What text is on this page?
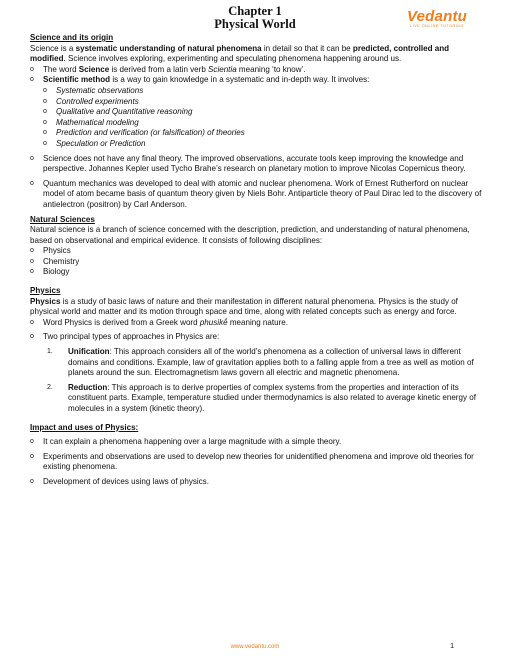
Vedantu
LIVE ONLINE TUTORING
Chapter 1
Physical World

Science and its origin

Science is a systematic understanding of natural phenomena in detail so that it can be predicted, controlled and modified. Science involves exploring, experimenting and speculating phenomena happening around us.

o The word Science is derived from a latin verb Scientia meaning ‘to know’.
o Scientific method is a way to gain knowledge in a systematic and in-depth way. It involves:
o Systematic observations
o Controlled experiments
o Qualitative and Quantitative reasoning
o Mathematical modeling
o Prediction and verification (or falsification) of theories
o Speculation or Prediction
o Science does not have any final theory. The improved observations, accurate tools keep improving the knowledge and perspective. Johannes Kepler used Tycho Brahe’s research on planetary motion to improve Nicolas Copernicus theory.
o Quantum mechanics was developed to deal with atomic and nuclear phenomena. Work of Ernest Rutherford on nuclear model of atom became basis of quantum theory given by Niels Bohr. Antiparticle theory of Paul Dirac led to the discovery of antielectron (positron) by Carl Anderson.

Natural Sciences

Natural science is a branch of science concerned with the description, prediction, and understanding of natural phenomena, based on observational and empirical evidence. It consists of following disciplines:

o Physics
o Chemistry
o Biology

Physics

Physics is a study of basic laws of nature and their manifestation in different natural phenomena. Physics is the study of physical world and matter and its motion through space and time, along with related concepts such as energy and force.

o Word Physics is derived from a Greek word phusikḗ meaning nature.
o Two principal types of approaches in Physics are:
1. Unification: This approach considers all of the world’s phenomena as a collection of universal laws in different domains and conditions. Example, law of gravitation applies both to a falling apple from a tree as well as motion of planets around the sun. Electromagnetism laws govern all electric and magnetic phenomena.
2. Reduction: This approach is to derive properties of complex systems from the properties and interaction of its constituent parts. Example, temperature studied under thermodynamics is also related to average kinetic energy of molecules in a system (kinetic theory).

Impact and uses of Physics:

o It can explain a phenomena happening over a large magnitude with a simple theory.
o Experiments and observations are used to develop new theories for unidentified phenomena and improve old theories for existing phenomena.
o Development of devices using laws of physics.
www.vedantu.com	1
